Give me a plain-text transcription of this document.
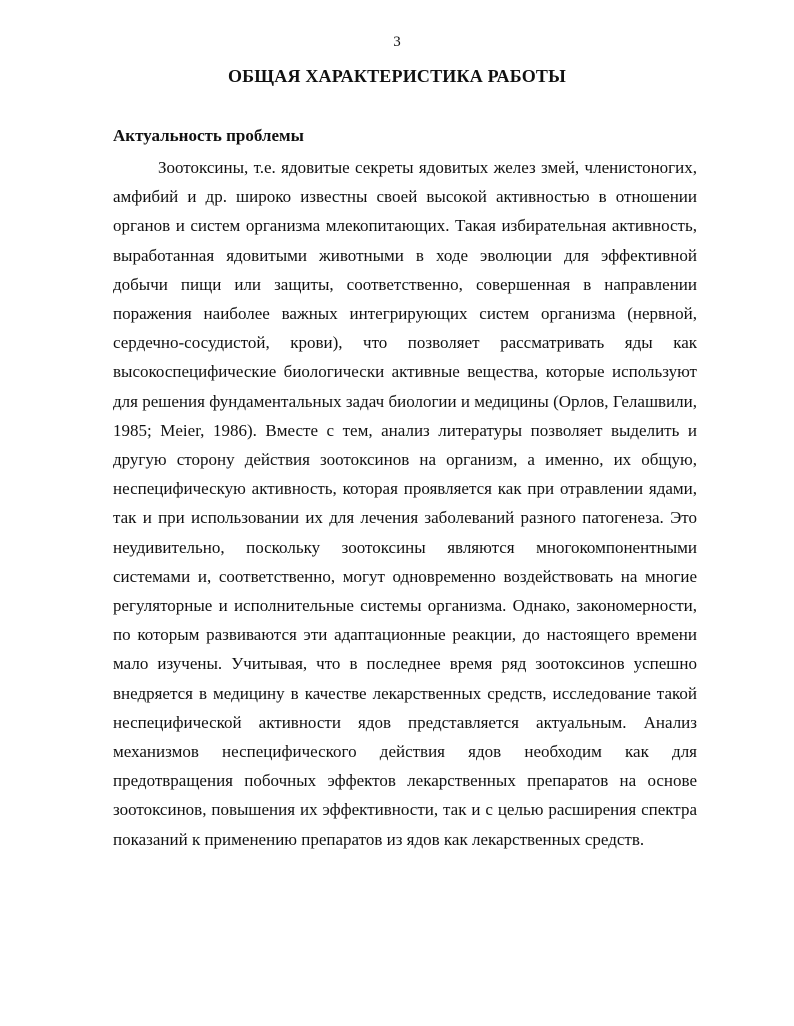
3
ОБЩАЯ ХАРАКТЕРИСТИКА РАБОТЫ
Актуальность проблемы

Зоотоксины, т.е. ядовитые секреты ядовитых желез змей, членистоногих, амфибий и др. широко известны своей высокой активностью в отношении органов и систем организма млекопитающих. Такая избирательная активность, выработанная ядовитыми животными в ходе эволюции для эффективной добычи пищи или защиты, соответственно, совершенная в направлении поражения наиболее важных интегрирующих систем организма (нервной, сердечно-сосудистой, крови), что позволяет рассматривать яды как высокоспецифические биологически активные вещества, которые используют для решения фундаментальных задач биологии и медицины (Орлов, Гелашвили, 1985; Meier, 1986). Вместе с тем, анализ литературы позволяет выделить и другую сторону действия зоотоксинов на организм, а именно, их общую, неспецифическую активность, которая проявляется как при отравлении ядами, так и при использовании их для лечения заболеваний разного патогенеза. Это неудивительно, поскольку зоотоксины являются многокомпонентными системами и, соответственно, могут одновременно воздействовать на многие регуляторные и исполнительные системы организма. Однако, закономерности, по которым развиваются эти адаптационные реакции, до настоящего времени мало изучены. Учитывая, что в последнее время ряд зоотоксинов успешно внедряется в медицину в качестве лекарственных средств, исследование такой неспецифической активности ядов представляется актуальным. Анализ механизмов неспецифического действия ядов необходим как для предотвращения побочных эффектов лекарственных препаратов на основе зоотоксинов, повышения их эффективности, так и с целью расширения спектра показаний к применению препаратов из ядов как лекарственных средств.
